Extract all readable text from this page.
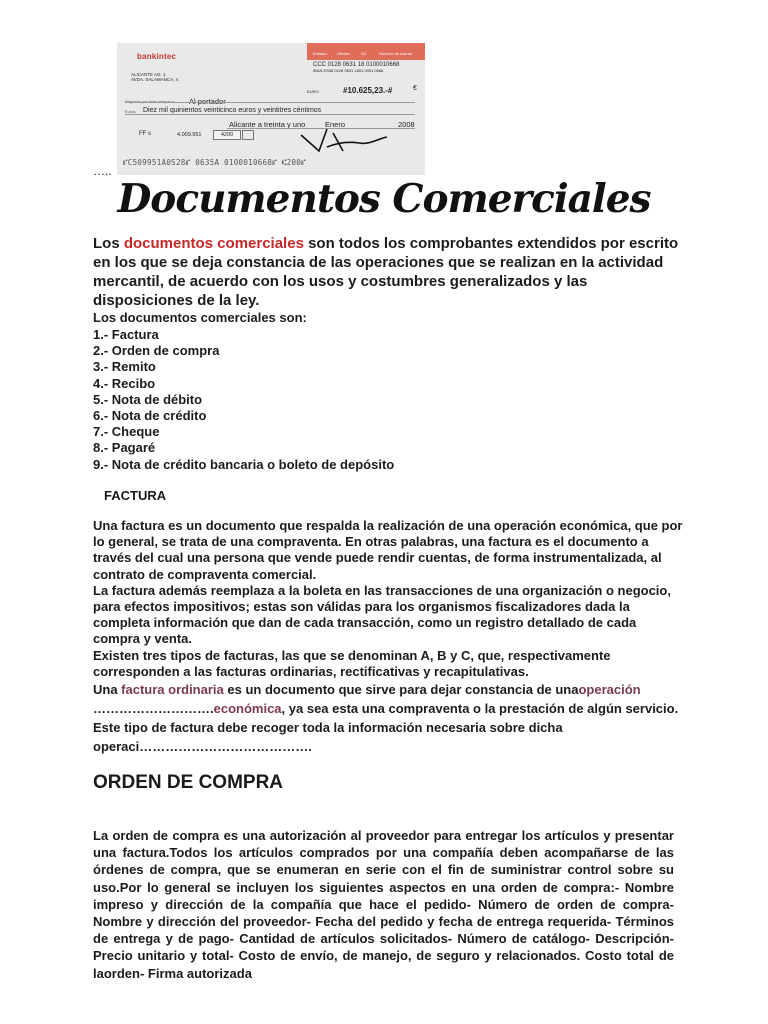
bankintec	Entidad	Oficina	DC	Número de cuenta
CCC 0128 0631 18 0100010668
IBAN ES58 0128 0631 1801 0001 0668
ALICANTE AG. 1
AVDA. SALAMANCA, 4
EURO	#10.625,23.-#	€
Páguese por este cheque a Al portador
Euros Diez mil quinientos veinticinco euros y veintitres céntimos
Alicante a treinta y uno	Enero	2008
FF s	4.009.951	4200
⑈C509951A0S28⑈ 0635A 0100010668⑈ ⑆200⑈
…..
Documentos Comerciales
Los documentos comerciales son todos los comprobantes extendidos por escrito en los que se deja constancia de las operaciones que se realizan en la actividad mercantil, de acuerdo con los usos y costumbres generalizados y las disposiciones de la ley.
Los documentos comerciales son:
1.- Factura
2.- Orden de compra
3.- Remito
4.- Recibo
5.- Nota de débito
6.- Nota de crédito
7.- Cheque
8.- Pagaré
9.- Nota de crédito bancaria o boleto de depósito
FACTURA
Una factura es un documento que respalda la realización de una operación económica, que por lo general, se trata de una compraventa. En otras palabras, una factura es el documento a través del cual una persona que vende puede rendir cuentas, de forma instrumentalizada, al contrato de compraventa comercial.
La factura además reemplaza a la boleta en las transacciones de una organización o negocio, para efectos impositivos; estas son válidas para los organismos fiscalizadores dada la completa información que dan de cada transacción, como un registro detallado de cada compra y venta.
Existen tres tipos de facturas, las que se denominan A, B y C, que, respectivamente corresponden a las facturas ordinarias, rectificativas y recapitulativas.
Una factura ordinaria es un documento que sirve para dejar constancia de unaoperación
……………………….económica, ya sea esta una compraventa o la prestación de algún servicio. Este tipo de factura debe recoger toda la información necesaria sobre dicha operaci………………………………….
ORDEN DE COMPRA
La orden de compra es una autorización al proveedor para entregar los artículos y presentar una factura.Todos los artículos comprados por una compañía deben acompañarse de las órdenes de compra, que se enumeran en serie con el fin de suministrar control sobre su uso.Por lo general se incluyen los siguientes aspectos en una orden de compra:- Nombre impreso y dirección de la compañía que hace el pedido- Número de orden de compra- Nombre y dirección del proveedor- Fecha del pedido y fecha de entrega requerida- Términos de entrega y de pago- Cantidad de artículos solicitados- Número de catálogo- Descripción- Precio unitario y total- Costo de envío, de manejo, de seguro y relacionados. Costo total de laorden- Firma autorizada
